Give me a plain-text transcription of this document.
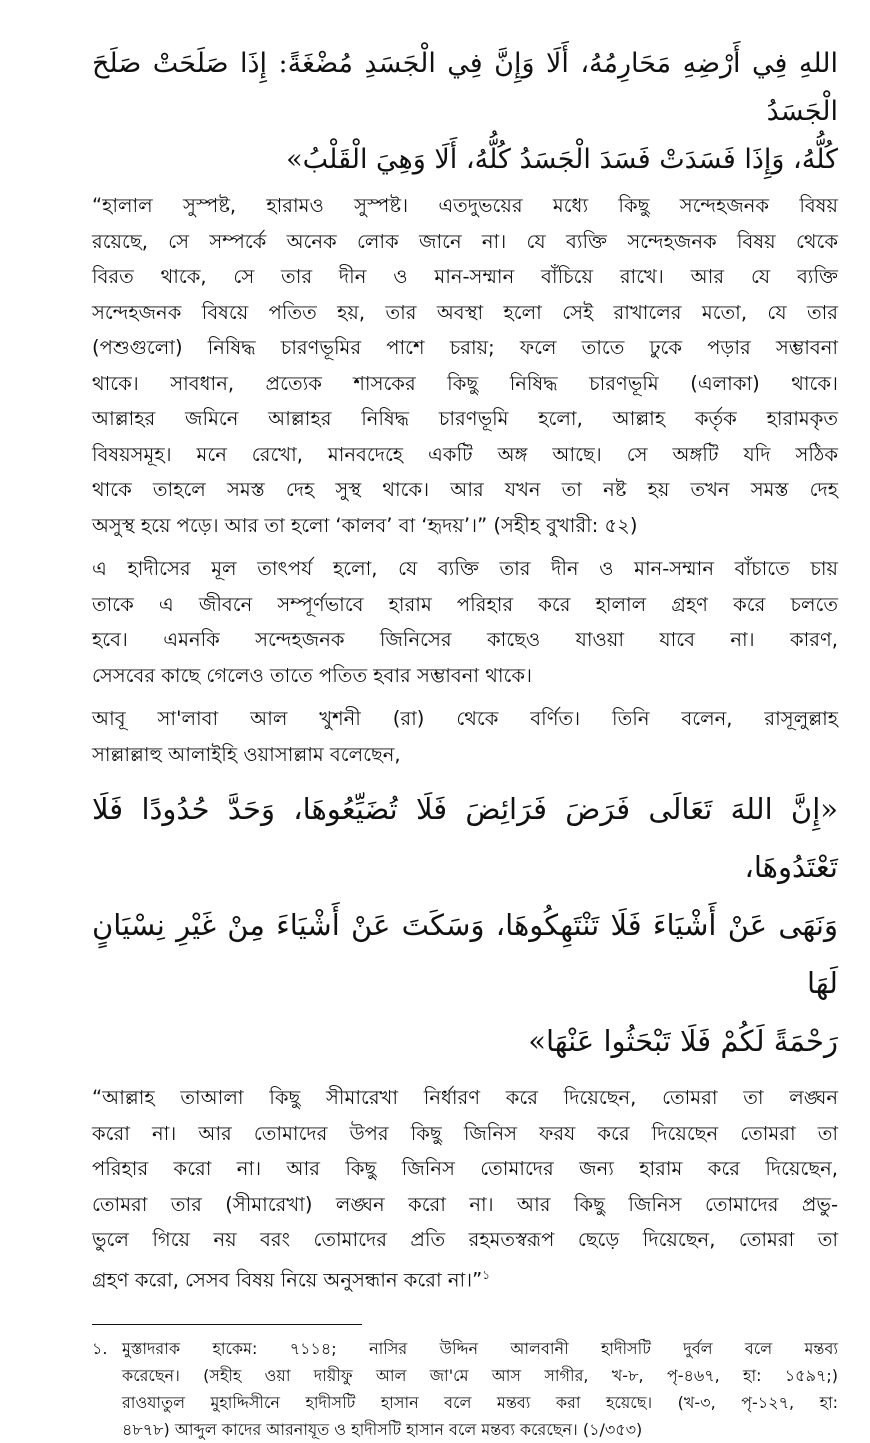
اللهِ فِي أَرْضِهِ مَحَارِمُهُ، أَلَا وَإِنَّ فِي الْجَسَدِ مُضْغَةً: إِذَا صَلَحَتْ صَلَحَ الْجَسَدُ
كُلُّهُ، وَإِذَا فَسَدَتْ فَسَدَ الْجَسَدُ كُلُّهُ، أَلَا وَهِيَ الْقَلْبُ»
“হালাল সুস্পষ্ট, হারামও সুস্পষ্ট। এতদুভয়ের মধ্যে কিছু সন্দেহজনক বিষয়
রয়েছে, সে সম্পর্কে অনেক লোক জানে না। যে ব্যক্তি সন্দেহজনক বিষয় থেকে
বিরত থাকে, সে তার দীন ও মান-সম্মান বাঁচিয়ে রাখে। আর যে ব্যক্তি
সন্দেহজনক বিষয়ে পতিত হয়, তার অবস্থা হলো সেই রাখালের মতো, যে তার
(পশুগুলো) নিষিদ্ধ চারণভূমির পাশে চরায়; ফলে তাতে ঢুকে পড়ার সম্ভাবনা
থাকে। সাবধান, প্রত্যেক শাসকের কিছু নিষিদ্ধ চারণভূমি (এলাকা) থাকে।
আল্লাহর জমিনে আল্লাহর নিষিদ্ধ চারণভূমি হলো, আল্লাহ কর্তৃক হারামকৃত
বিষয়সমূহ। মনে রেখো, মানবদেহে একটি অঙ্গ আছে। সে অঙ্গটি যদি সঠিক
থাকে তাহলে সমস্ত দেহ সুস্থ থাকে। আর যখন তা নষ্ট হয় তখন সমস্ত দেহ
অসুস্থ হয়ে পড়ে। আর তা হলো ‘কালব’ বা ‘হৃদয়’।” (সহীহ বুখারী: ৫২)
এ হাদীসের মূল তাৎপর্য হলো, যে ব্যক্তি তার দীন ও মান-সম্মান বাঁচাতে চায়
তাকে এ জীবনে সম্পূর্ণভাবে হারাম পরিহার করে হালাল গ্রহণ করে চলতে
হবে। এমনকি সন্দেহজনক জিনিসের কাছেও যাওয়া যাবে না। কারণ,
সেসবের কাছে গেলেও তাতে পতিত হবার সম্ভাবনা থাকে।
আবূ সা'লাবা আল খুশনী (রা) থেকে বর্ণিত। তিনি বলেন, রাসূলুল্লাহ
সাল্লাল্লাহু আলাইহি ওয়াসাল্লাম বলেছেন,
«إِنَّ اللهَ تَعَالَى فَرَضَ فَرَائِضَ فَلَا تُضَيِّعُوهَا، وَحَدَّ حُدُودًا فَلَا تَعْتَدُوهَا،
وَنَهَى عَنْ أَشْيَاءَ فَلَا تَنْتَهِكُوهَا، وَسَكَتَ عَنْ أَشْيَاءَ مِنْ غَيْرِ نِسْيَانٍ لَهَا
رَحْمَةً لَكُمْ فَلَا تَبْحَثُوا عَنْهَا»
“আল্লাহ তাআলা কিছু সীমারেখা নির্ধারণ করে দিয়েছেন, তোমরা তা লঙ্ঘন
করো না। আর তোমাদের উপর কিছু জিনিস ফরয করে দিয়েছেন তোমরা তা
পরিহার করো না। আর কিছু জিনিস তোমাদের জন্য হারাম করে দিয়েছেন,
তোমরা তার (সীমারেখা) লঙ্ঘন করো না। আর কিছু জিনিস তোমাদের প্রভু-
ভুলে গিয়ে নয় বরং তোমাদের প্রতি রহমতস্বরূপ ছেড়ে দিয়েছেন, তোমরা তা
গ্রহণ করো, সেসব বিষয় নিয়ে অনুসন্ধান করো না।”$^১$
১. মুস্তাদরাক হাকেম: ৭১১৪; নাসির উদ্দিন আলবানী হাদীসটি দুর্বল বলে মন্তব্য
করেছেন। (সহীহ ওয়া দায়ীফু আল জা'মে আস সাগীর, খ-৮, পৃ-৪৬৭, হা: ১৫৯৭;)
রাওযাতুল মুহাদ্দিসীনে হাদীসটি হাসান বলে মন্তব্য করা হয়েছে। (খ-৩, পৃ-১২৭, হা:
৪৮৭৮) আব্দুল কাদের আরনাযূত ও হাদীসটি হাসান বলে মন্তব্য করেছেন। (১/৩৫৩)
